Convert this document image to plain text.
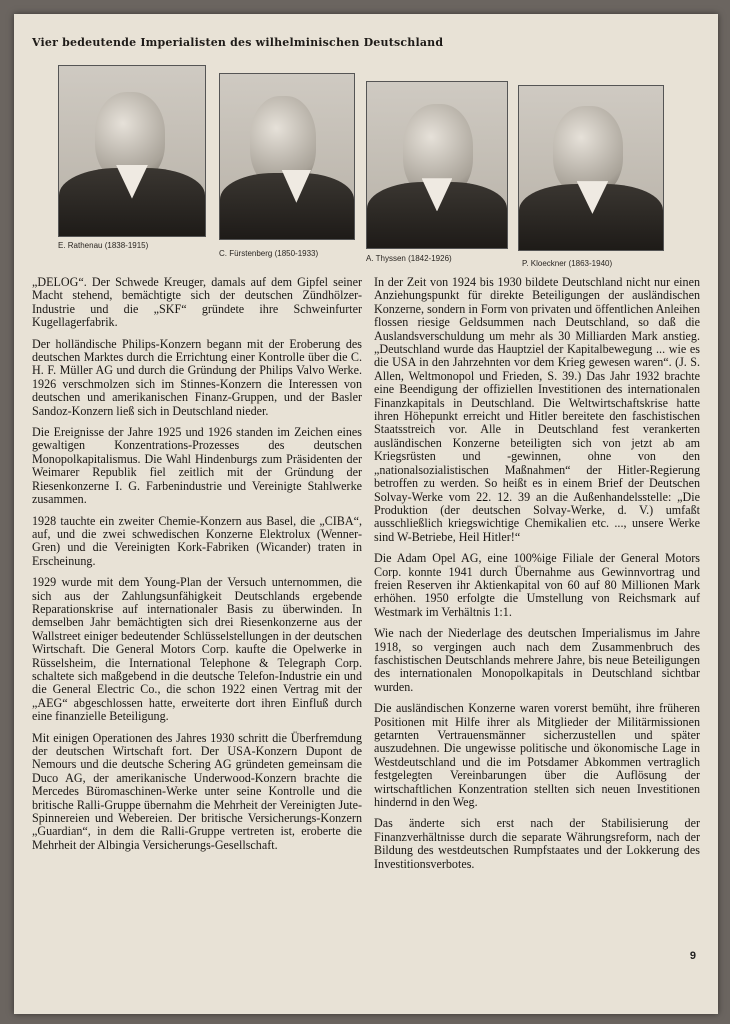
Vier bedeutende Imperialisten des wilhelminischen Deutschland
E. Rathenau (1838-1915)
C. Fürstenberg (1850-1933)
A. Thyssen (1842-1926)
P. Kloeckner (1863-1940)

„DELOG“. Der Schwede Kreuger, damals auf dem Gipfel seiner Macht stehend, bemächtigte sich der deutschen Zündhölzer-Industrie und die „SKF“ gründete ihre Schweinfurter Kugellagerfabrik.

Der holländische Philips-Konzern begann mit der Eroberung des deutschen Marktes durch die Errichtung einer Kontrolle über die C. H. F. Müller AG und durch die Gründung der Philips Valvo Werke. 1926 verschmolzen sich im Stinnes-Konzern die Interessen von deutschen und amerikanischen Finanz-Gruppen, und der Basler Sandoz-Konzern ließ sich in Deutschland nieder.

Die Ereignisse der Jahre 1925 und 1926 standen im Zeichen eines gewaltigen Konzentrations-Prozesses des deutschen Monopolkapitalismus. Die Wahl Hindenburgs zum Präsidenten der Weimarer Republik fiel zeitlich mit der Gründung der Riesenkonzerne I. G. Farbenindustrie und Vereinigte Stahlwerke zusammen.

1928 tauchte ein zweiter Chemie-Konzern aus Basel, die „CIBA“, auf, und die zwei schwedischen Konzerne Elektrolux (Wenner-Gren) und die Vereinigten Kork-Fabriken (Wicander) traten in Erscheinung.

1929 wurde mit dem Young-Plan der Versuch unternommen, die sich aus der Zahlungsunfähigkeit Deutschlands ergebende Reparationskrise auf internationaler Basis zu überwinden. In demselben Jahr bemächtigten sich drei Riesenkonzerne aus der Wallstreet einiger bedeutender Schlüsselstellungen in der deutschen Wirtschaft. Die General Motors Corp. kaufte die Opelwerke in Rüsselsheim, die International Telephone & Telegraph Corp. schaltete sich maßgebend in die deutsche Telefon-Industrie ein und die General Electric Co., die schon 1922 einen Vertrag mit der „AEG“ abgeschlossen hatte, erweiterte dort ihren Einfluß durch eine finanzielle Beteiligung.

Mit einigen Operationen des Jahres 1930 schritt die Überfremdung der deutschen Wirtschaft fort. Der USA-Konzern Dupont de Nemours und die deutsche Schering AG gründeten gemeinsam die Duco AG, der amerikanische Underwood-Konzern brachte die Mercedes Büromaschinen-Werke unter seine Kontrolle und die britische Ralli-Gruppe übernahm die Mehrheit der Vereinigten Jute-Spinnereien und Webereien. Der britische Versicherungs-Konzern „Guardian“, in dem die Ralli-Gruppe vertreten ist, eroberte die Mehrheit der Albingia Versicherungs-Gesellschaft.

In der Zeit von 1924 bis 1930 bildete Deutschland nicht nur einen Anziehungspunkt für direkte Beteiligungen der ausländischen Konzerne, sondern in Form von privaten und öffentlichen Anleihen flossen riesige Geldsummen nach Deutschland, so daß die Auslandsverschuldung um mehr als 30 Milliarden Mark anstieg. „Deutschland wurde das Hauptziel der Kapitalbewegung ... wie es die USA in den Jahrzehnten vor dem Krieg gewesen waren“. (J. S. Allen, Weltmonopol und Frieden, S. 39.) Das Jahr 1932 brachte eine Beendigung der offiziellen Investitionen des internationalen Finanzkapitals in Deutschland. Die Weltwirtschaftskrise hatte ihren Höhepunkt erreicht und Hitler bereitete den faschistischen Staatsstreich vor. Alle in Deutschland fest verankerten ausländischen Konzerne beteiligten sich von jetzt ab am Kriegsrüsten und -gewinnen, ohne von den „nationalsozialistischen Maßnahmen“ der Hitler-Regierung betroffen zu werden. So heißt es in einem Brief der Deutschen Solvay-Werke vom 22. 12. 39 an die Außenhandelsstelle: „Die Produktion (der deutschen Solvay-Werke, d. V.) umfaßt ausschließlich kriegswichtige Chemikalien etc. ..., unsere Werke sind W-Betriebe, Heil Hitler!“

Die Adam Opel AG, eine 100%ige Filiale der General Motors Corp. konnte 1941 durch Übernahme aus Gewinnvortrag und freien Reserven ihr Aktienkapital von 60 auf 80 Millionen Mark erhöhen. 1950 erfolgte die Umstellung von Reichsmark auf Westmark im Verhältnis 1:1.

Wie nach der Niederlage des deutschen Imperialismus im Jahre 1918, so vergingen auch nach dem Zusammenbruch des faschistischen Deutschlands mehrere Jahre, bis neue Beteiligungen des internationalen Monopolkapitals in Deutschland sichtbar wurden.

Die ausländischen Konzerne waren vorerst bemüht, ihre früheren Positionen mit Hilfe ihrer als Mitglieder der Militärmissionen getarnten Vertrauensmänner sicherzustellen und später auszudehnen. Die ungewisse politische und ökonomische Lage in Westdeutschland und die im Potsdamer Abkommen vertraglich festgelegten Vereinbarungen über die Auflösung der wirtschaftlichen Konzentration stellten sich neuen Investitionen hindernd in den Weg.

Das änderte sich erst nach der Stabilisierung der Finanzverhältnisse durch die separate Währungsreform, nach der Bildung des westdeutschen Rumpfstaates und der Lokkerung des Investitionsverbotes.

9
